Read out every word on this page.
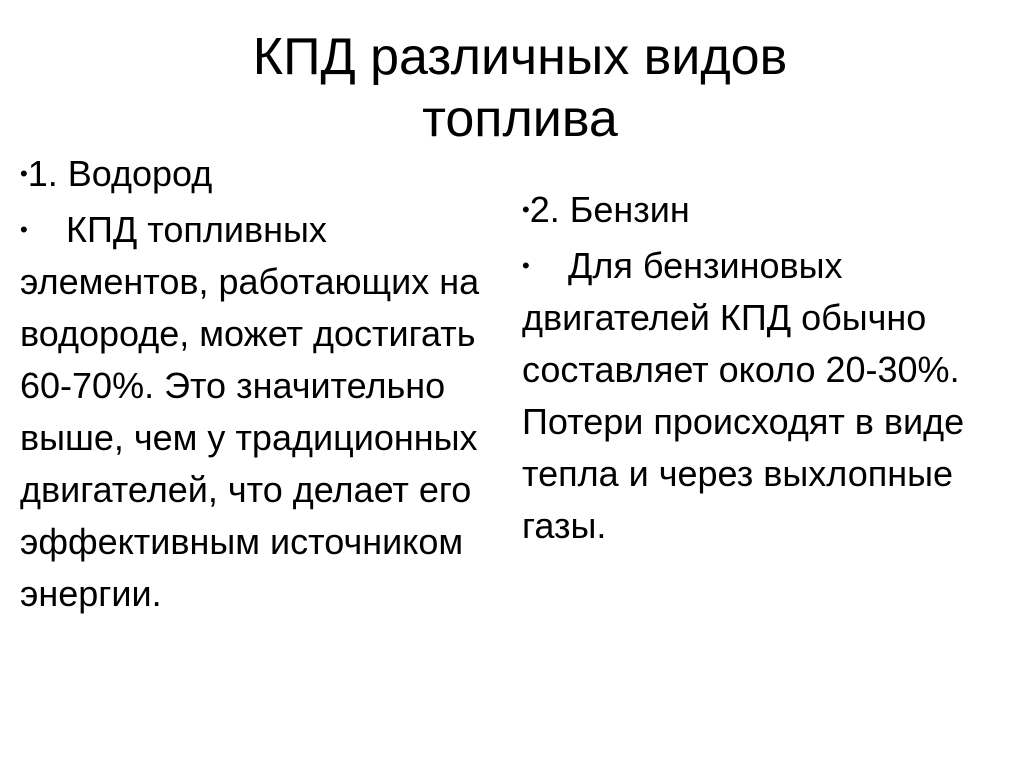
КПД различных видов
топлива
•1. Водород
• КПД топливных элементов, работающих на водороде, может достигать 60-70%. Это значительно выше, чем у традиционных двигателей, что делает его эффективным источником энергии.
•2. Бензин
• Для бензиновых двигателей КПД обычно составляет около 20-30%. Потери происходят в виде тепла и через выхлопные газы.
